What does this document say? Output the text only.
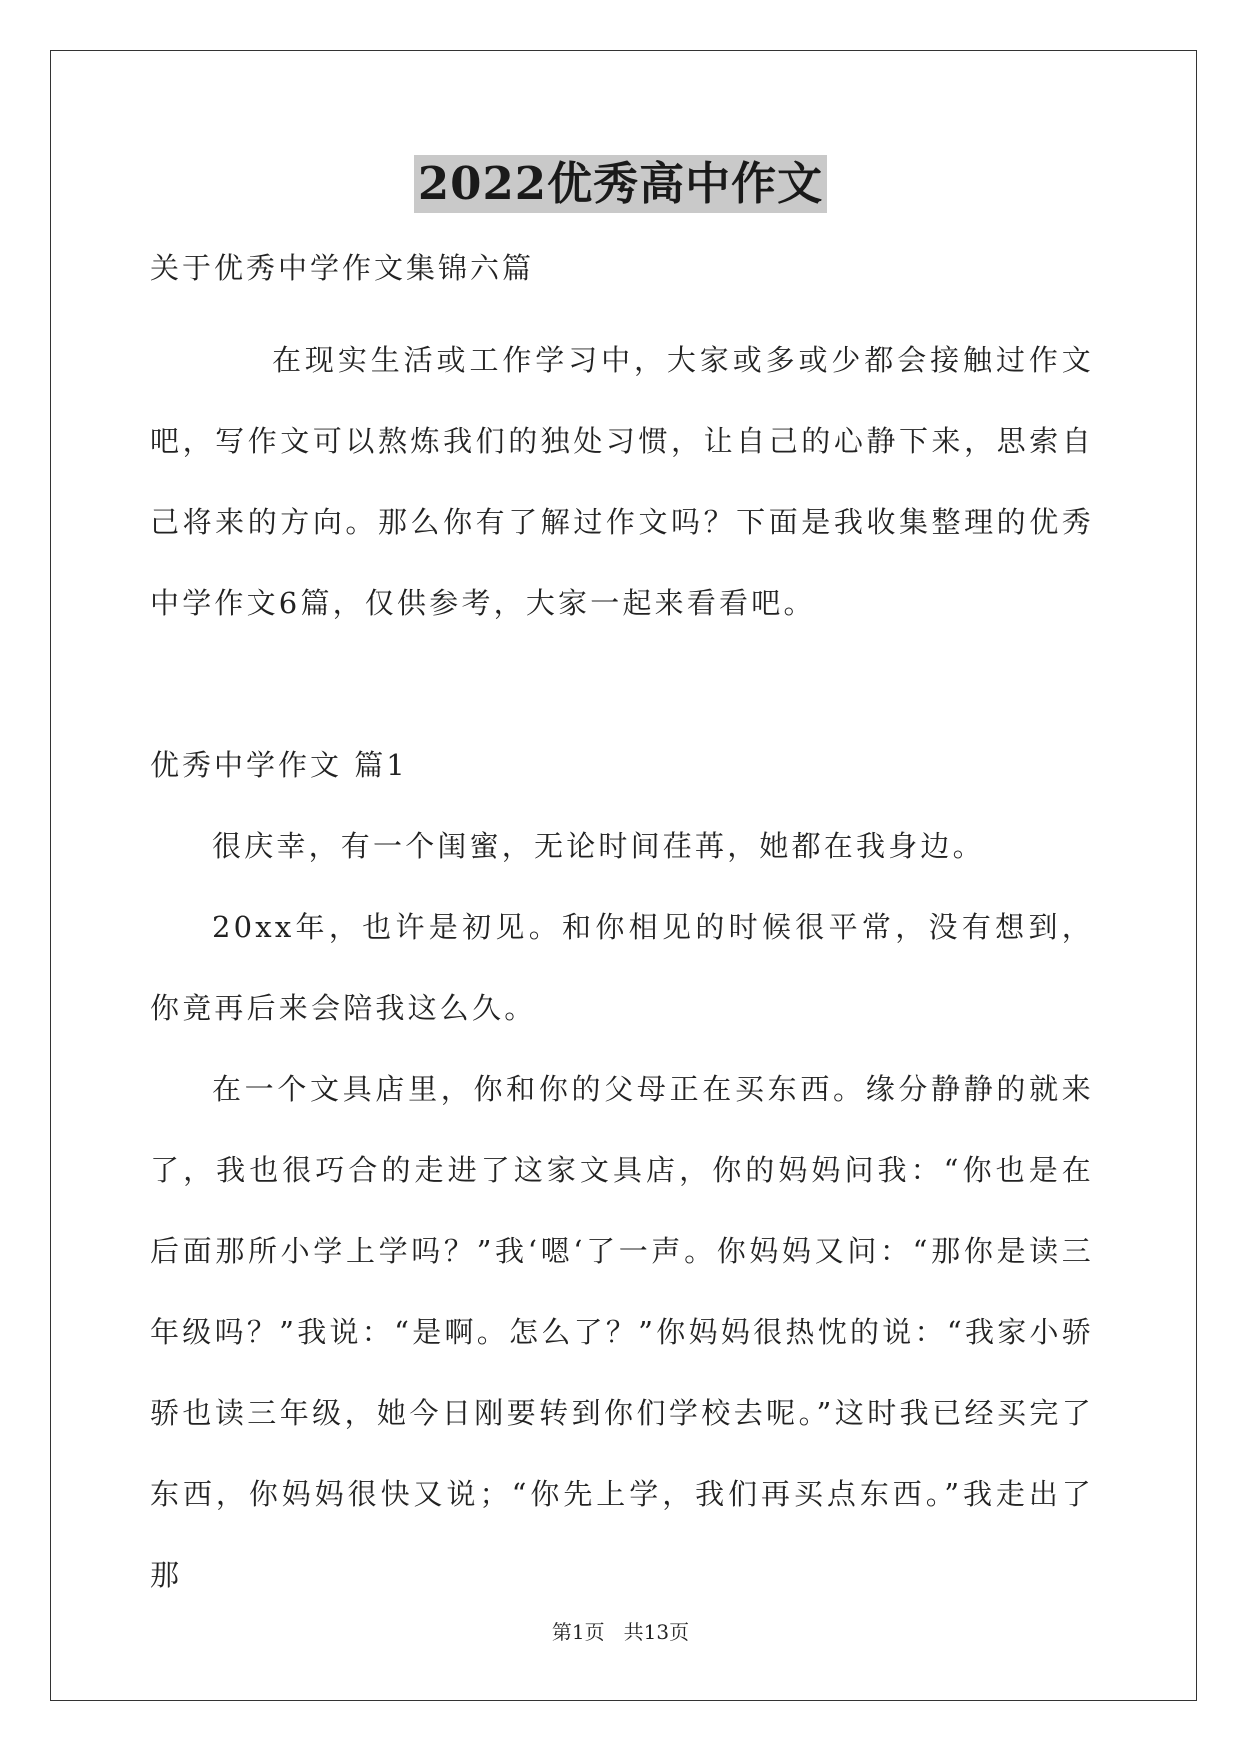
2022优秀高中作文

关于优秀中学作文集锦六篇

在现实生活或工作学习中，大家或多或少都会接触过作文吧，写作文可以熬炼我们的独处习惯，让自己的心静下来，思索自己将来的方向。那么你有了解过作文吗？下面是我收集整理的优秀中学作文6篇，仅供参考，大家一起来看看吧。

优秀中学作文 篇1

很庆幸，有一个闺蜜，无论时间荏苒，她都在我身边。

20xx年，也许是初见。和你相见的时候很平常，没有想到，你竟再后来会陪我这么久。

在一个文具店里，你和你的父母正在买东西。缘分静静的就来了，我也很巧合的走进了这家文具店，你的妈妈问我：“你也是在后面那所小学上学吗？”我‘嗯‘了一声。你妈妈又问：“那你是读三年级吗？”我说：“是啊。怎么了？”你妈妈很热忱的说：“我家小骄骄也读三年级，她今日刚要转到你们学校去呢。”这时我已经买完了东西，你妈妈很快又说；“你先上学，我们再买点东西。”我走出了那

第1页 共13页
